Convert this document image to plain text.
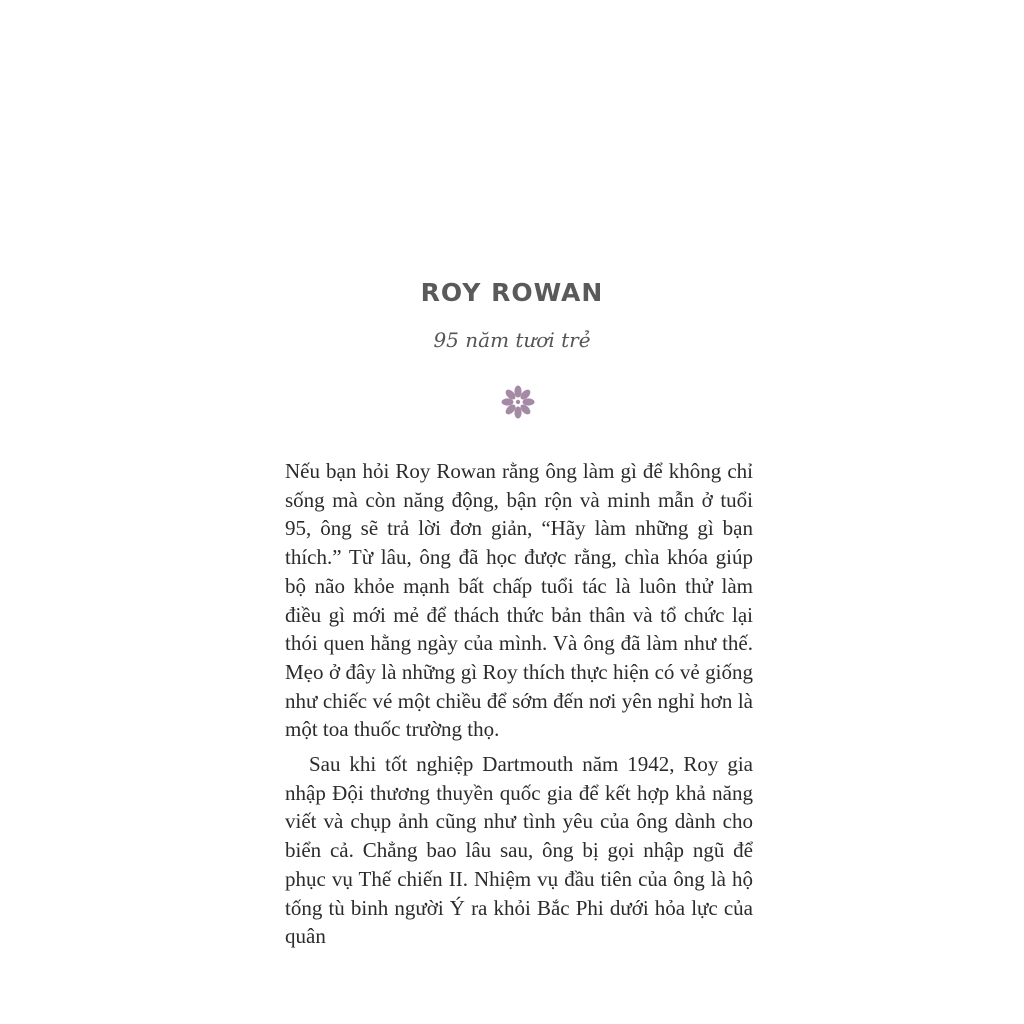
ROY ROWAN
95 năm tươi trẻ

Nếu bạn hỏi Roy Rowan rằng ông làm gì để không chỉ sống mà còn năng động, bận rộn và minh mẫn ở tuổi 95, ông sẽ trả lời đơn giản, “Hãy làm những gì bạn thích.” Từ lâu, ông đã học được rằng, chìa khóa giúp bộ não khỏe mạnh bất chấp tuổi tác là luôn thử làm điều gì mới mẻ để thách thức bản thân và tổ chức lại thói quen hằng ngày của mình. Và ông đã làm như thế. Mẹo ở đây là những gì Roy thích thực hiện có vẻ giống như chiếc vé một chiều để sớm đến nơi yên nghỉ hơn là một toa thuốc trường thọ.

Sau khi tốt nghiệp Dartmouth năm 1942, Roy gia nhập Đội thương thuyền quốc gia để kết hợp khả năng viết và chụp ảnh cũng như tình yêu của ông dành cho biển cả. Chẳng bao lâu sau, ông bị gọi nhập ngũ để phục vụ Thế chiến II. Nhiệm vụ đầu tiên của ông là hộ tống tù binh người Ý ra khỏi Bắc Phi dưới hỏa lực của quân
